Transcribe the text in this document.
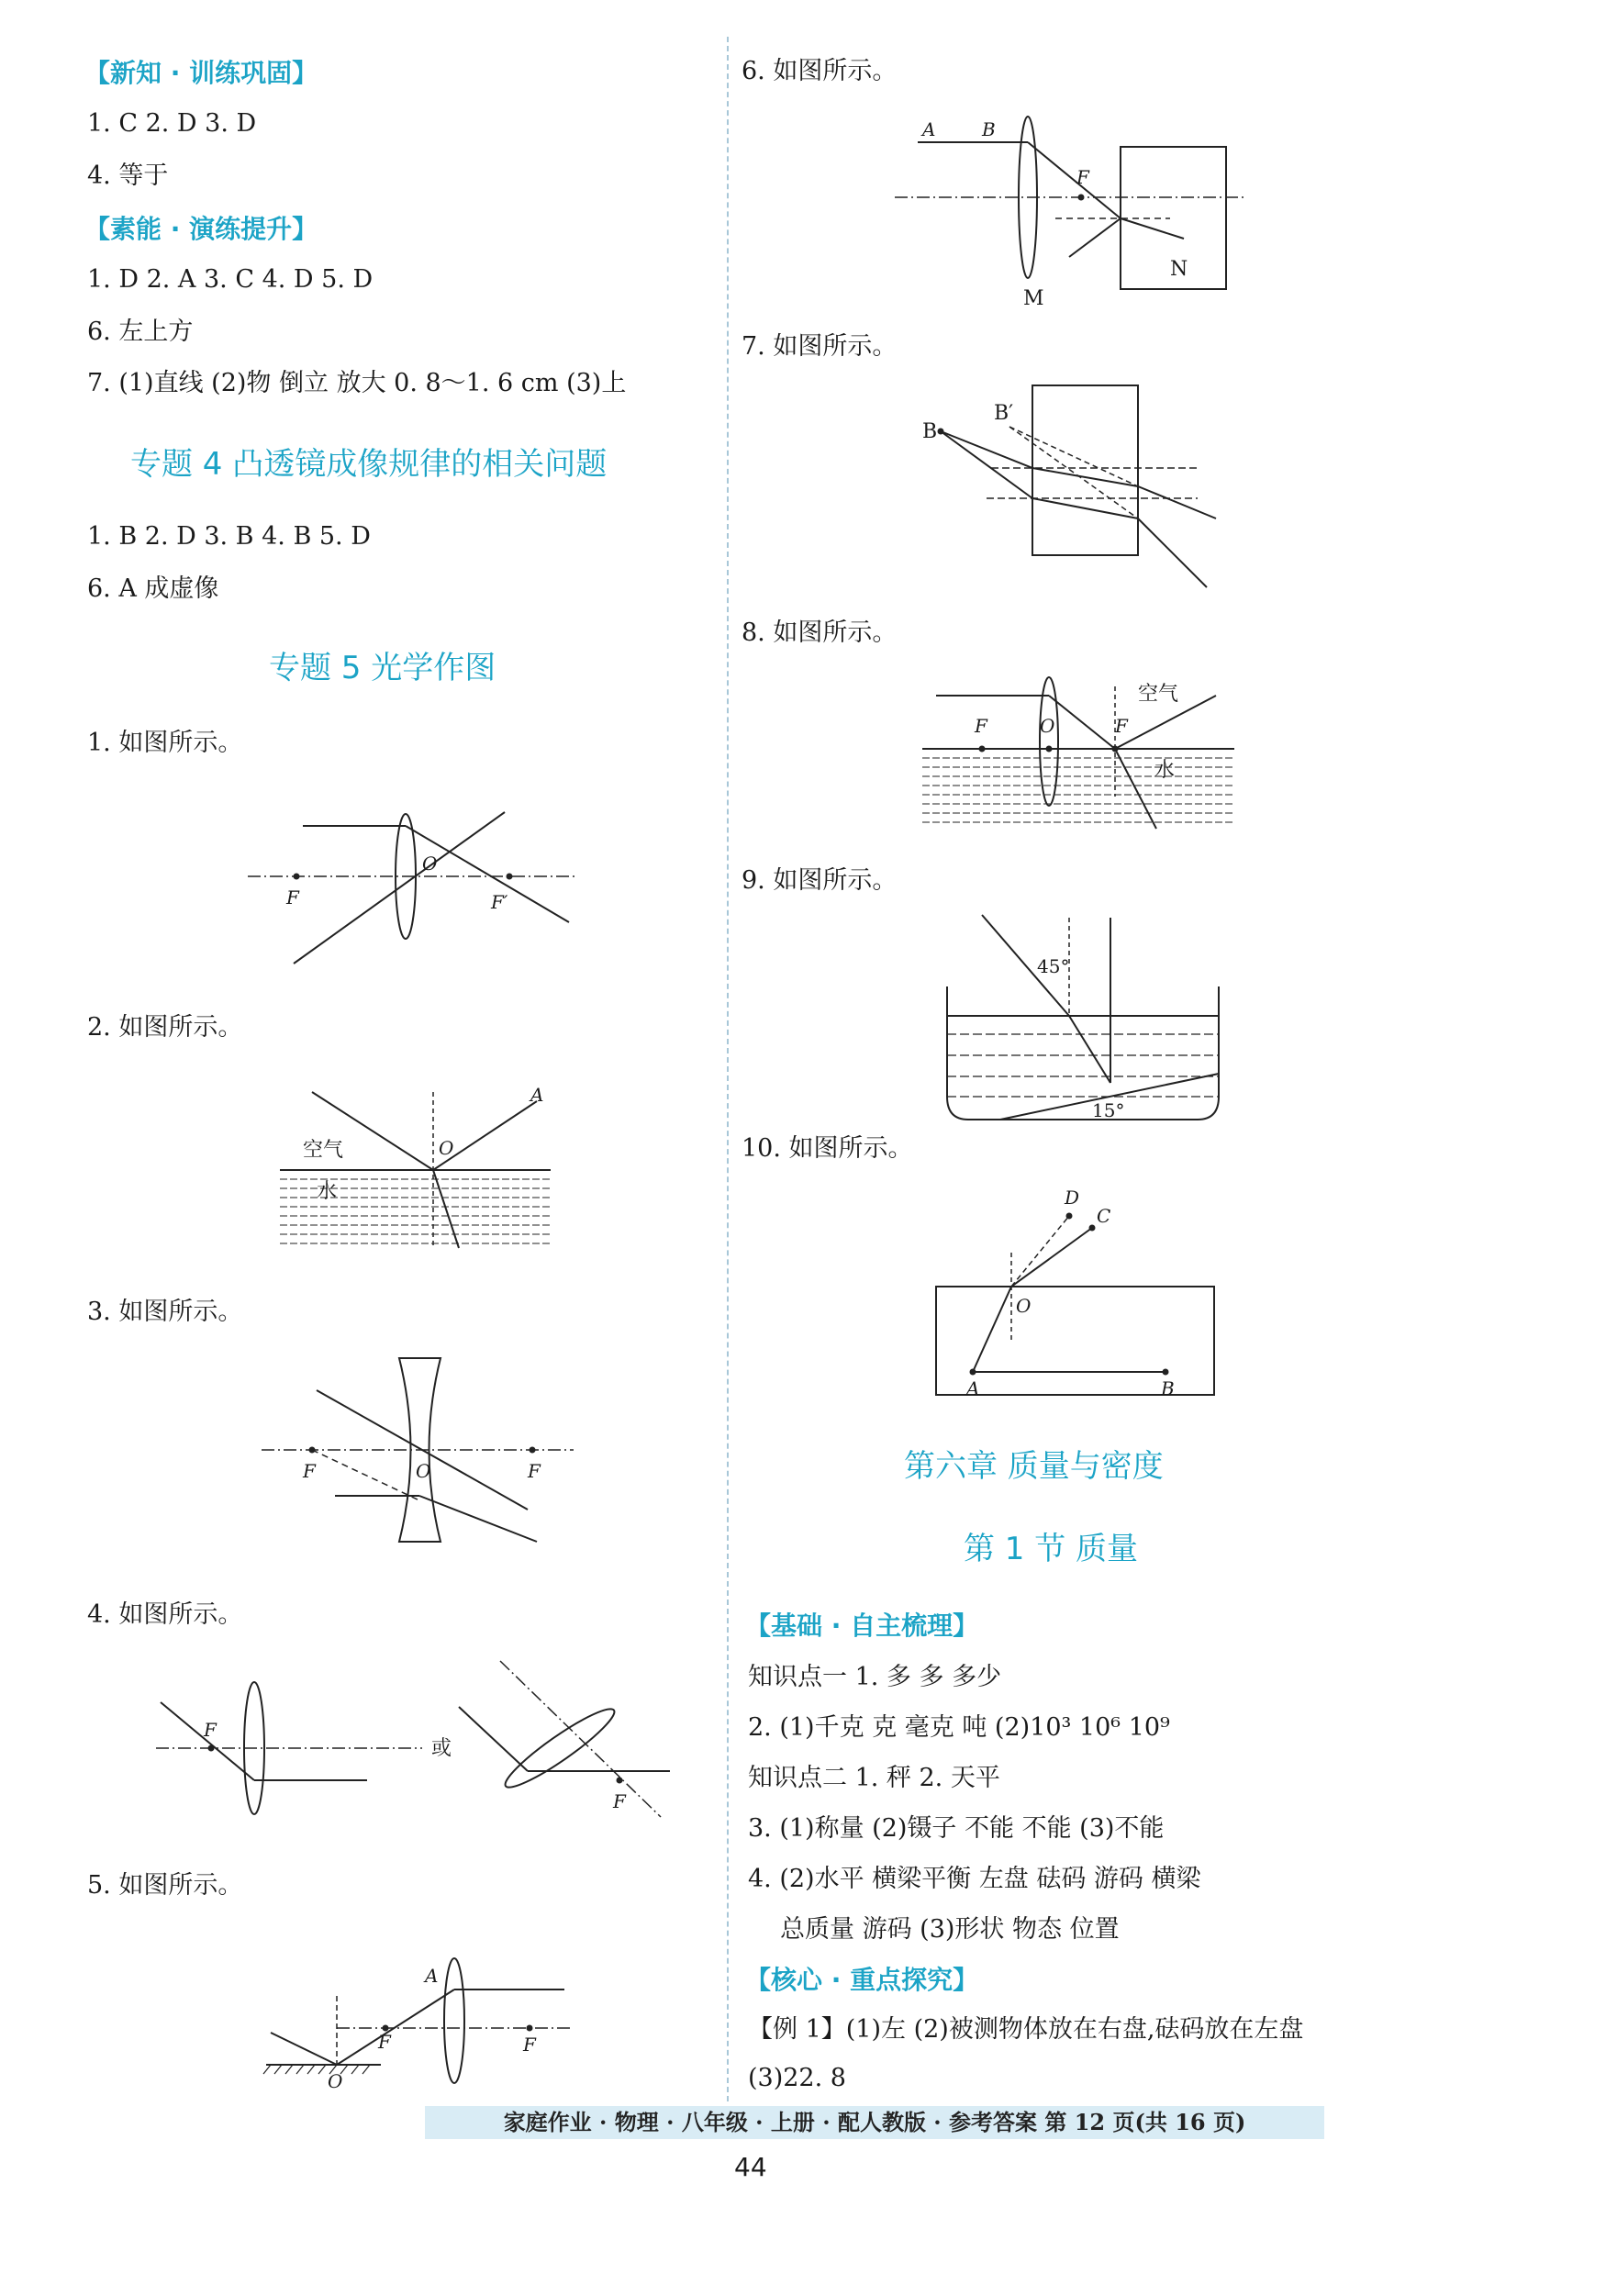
【新知 · 训练巩固】
1. C 2. D 3. D
4. 等于
【素能 · 演练提升】
1. D 2. A 3. C 4. D 5. D
6. 左上方
7. (1)直线 (2)物 倒立 放大 0. 8～1. 6 cm (3)上
专题 4 凸透镜成像规律的相关问题
1. B 2. D 3. B 4. B 5. D
6. A 成虚像
专题 5 光学作图
1. 如图所示。
F
O
F′
2. 如图所示。
A
O
空气
水
3. 如图所示。
F	O	F
4. 如图所示。
F
或
F
5. 如图所示。
A
F	F
O
6. 如图所示。
A	B
F
M
N
7. 如图所示。
B
B′
8. 如图所示。
F	O	F
空气
水
9. 如图所示。
45°
15°
10. 如图所示。
D
C
O
A	B
第六章 质量与密度
第 1 节 质量
【基础 · 自主梳理】
知识点一 1. 多 多 多少
2. (1)千克 克 毫克 吨 (2)10³ 10⁶ 10⁹
知识点二 1. 秤 2. 天平
3. (1)称量 (2)镊子 不能 不能 (3)不能
4. (2)水平 横梁平衡 左盘 砝码 游码 横梁
总质量 游码 (3)形状 物态 位置
【核心 · 重点探究】
【例 1】(1)左 (2)被测物体放在右盘,砝码放在左盘
(3)22. 8
家庭作业 · 物理 · 八年级 · 上册 · 配人教版 · 参考答案 第 12 页(共 16 页)
44
